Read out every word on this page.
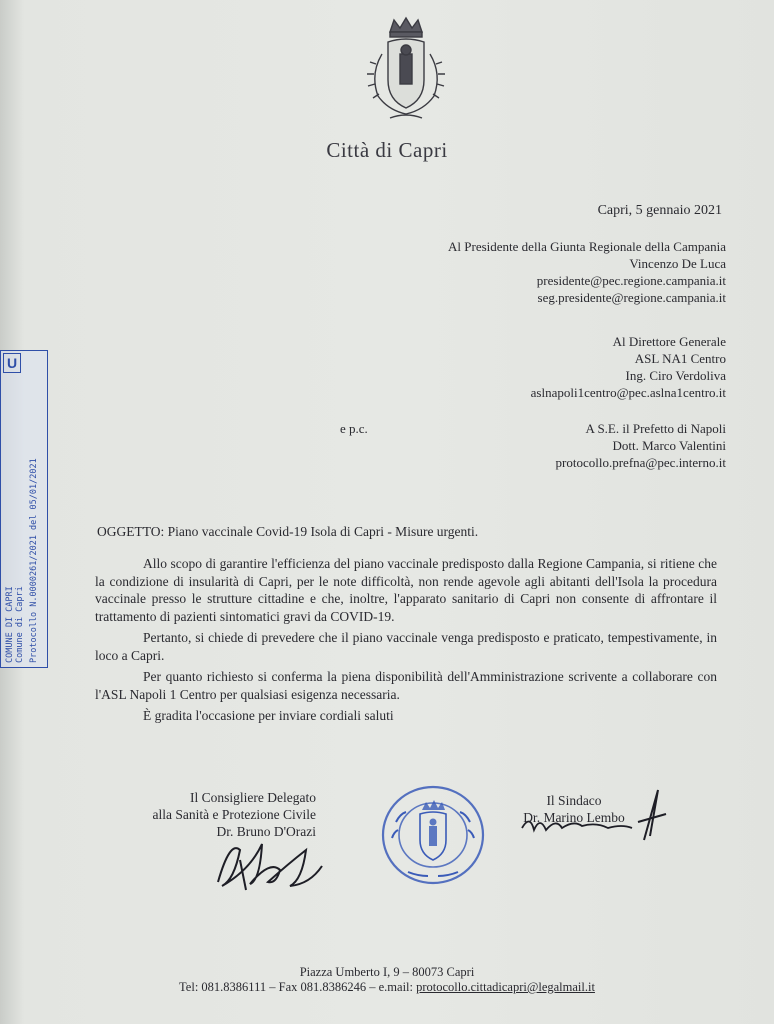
Città di Capri
Capri, 5 gennaio 2021
Al Presidente della Giunta Regionale della Campania
Vincenzo De Luca
presidente@pec.regione.campania.it
seg.presidente@regione.campania.it
Al Direttore Generale
ASL NA1 Centro
Ing. Ciro Verdoliva
aslnapoli1centro@pec.aslna1centro.it
e p.c.	A S.E. il Prefetto di Napoli
Dott. Marco Valentini
protocollo.prefna@pec.interno.it
OGGETTO: Piano vaccinale Covid-19 Isola di Capri - Misure urgenti.

Allo scopo di garantire l'efficienza del piano vaccinale predisposto dalla Regione Campania, si ritiene che la condizione di insularità di Capri, per le note difficoltà, non rende agevole agli abitanti dell'Isola la procedura vaccinale presso le strutture cittadine e che, inoltre, l'apparato sanitario di Capri non consente di affrontare il trattamento di pazienti sintomatici gravi da COVID-19.

Pertanto, si chiede di prevedere che il piano vaccinale venga predisposto e praticato, tempestivamente, in loco a Capri.

Per quanto richiesto si conferma la piena disponibilità dell'Amministrazione scrivente a collaborare con l'ASL Napoli 1 Centro per qualsiasi esigenza necessaria.

È gradita l'occasione per inviare cordiali saluti

Il Consigliere Delegato
alla Sanità e Protezione Civile
Dr. Bruno D'Orazi
Il Sindaco
Dr. Marino Lembo
Piazza Umberto I, 9 – 80073 Capri
Tel: 081.8386111 – Fax 081.8386246 – e.mail: protocollo.cittadicapri@legalmail.it
U
COMUNE DI CAPRI Comune di Capri Protocollo N.0000261/2021 del 05/01/2021
